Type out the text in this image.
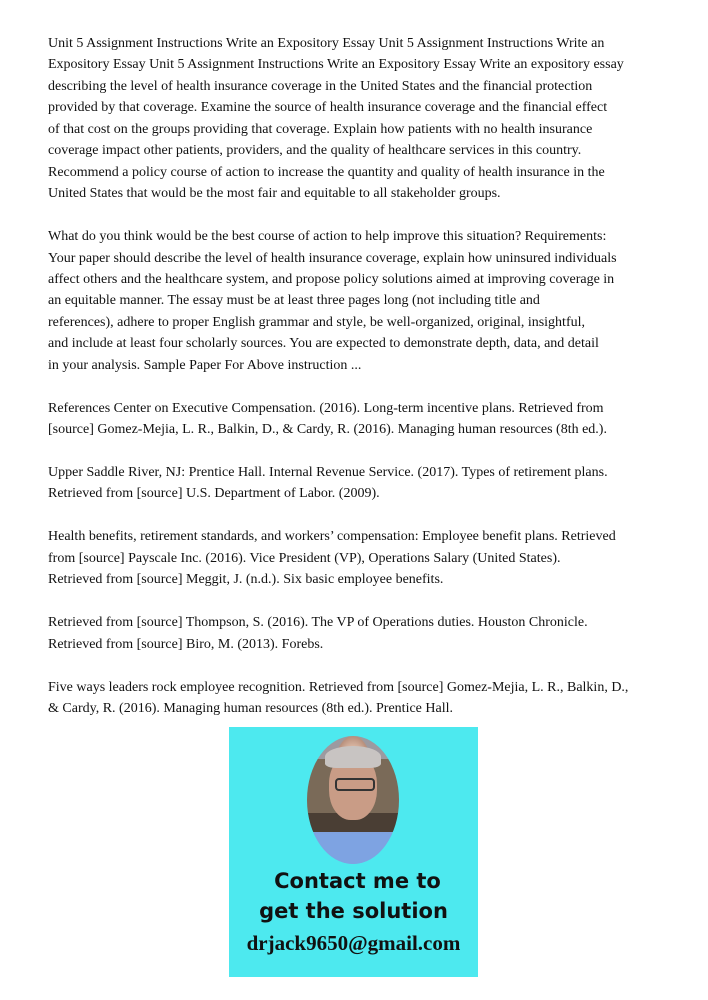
Unit 5 Assignment Instructions Write an Expository Essay Unit 5 Assignment Instructions Write an
Expository Essay Unit 5 Assignment Instructions Write an Expository Essay Write an expository essay
describing the level of health insurance coverage in the United States and the financial protection
provided by that coverage. Examine the source of health insurance coverage and the financial effect
of that cost on the groups providing that coverage. Explain how patients with no health insurance
coverage impact other patients, providers, and the quality of healthcare services in this country.
Recommend a policy course of action to increase the quantity and quality of health insurance in the
United States that would be the most fair and equitable to all stakeholder groups.
What do you think would be the best course of action to help improve this situation? Requirements:
Your paper should describe the level of health insurance coverage, explain how uninsured individuals
affect others and the healthcare system, and propose policy solutions aimed at improving coverage in
an equitable manner. The essay must be at least three pages long (not including title and
references), adhere to proper English grammar and style, be well-organized, original, insightful,
and include at least four scholarly sources. You are expected to demonstrate depth, data, and detail
in your analysis. Sample Paper For Above instruction ...
References Center on Executive Compensation. (2016). Long-term incentive plans. Retrieved from
[source] Gomez-Mejia, L. R., Balkin, D., & Cardy, R. (2016). Managing human resources (8th ed.).
Upper Saddle River, NJ: Prentice Hall. Internal Revenue Service. (2017). Types of retirement plans.
Retrieved from [source] U.S. Department of Labor. (2009).
Health benefits, retirement standards, and workers’ compensation: Employee benefit plans. Retrieved
from [source] Payscale Inc. (2016). Vice President (VP), Operations Salary (United States).
Retrieved from [source] Meggit, J. (n.d.). Six basic employee benefits.
Retrieved from [source] Thompson, S. (2016). The VP of Operations duties. Houston Chronicle.
Retrieved from [source] Biro, M. (2013). Forebs.
Five ways leaders rock employee recognition. Retrieved from [source] Gomez-Mejia, L. R., Balkin, D.,
& Cardy, R. (2016). Managing human resources (8th ed.). Prentice Hall.
Contact me to
get the solution
drjack9650@gmail.com
